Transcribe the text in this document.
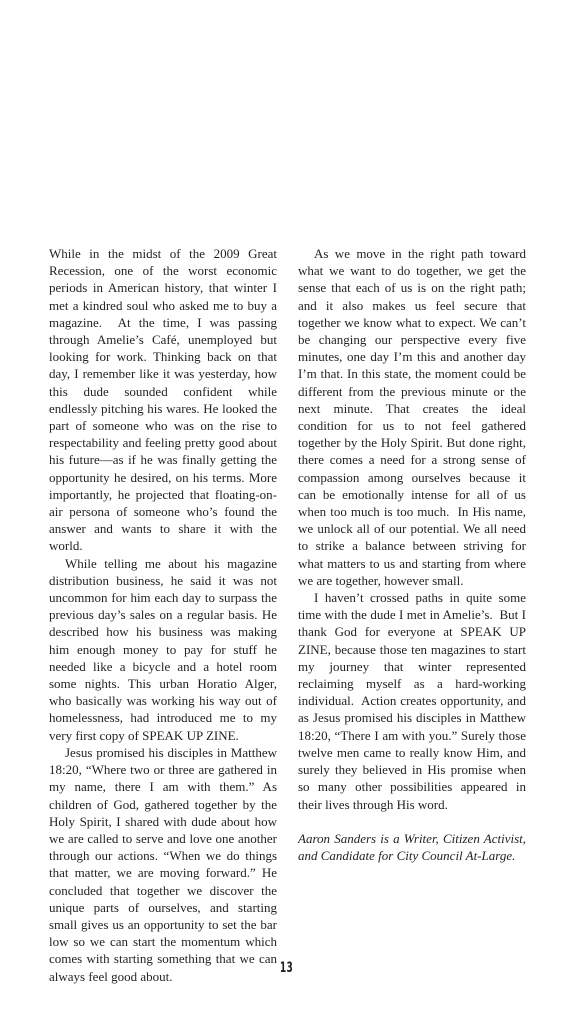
While in the midst of the 2009 Great Recession, one of the worst economic periods in American history, that winter I met a kindred soul who asked me to buy a magazine.  At the time, I was passing through Amelie’s Café, unemployed but looking for work. Thinking back on that day, I remember like it was yesterday, how this dude sounded confident while endlessly pitching his wares. He looked the part of someone who was on the rise to respectability and feeling pretty good about his future—as if he was finally getting the opportunity he desired, on his terms. More importantly, he projected that floating-on-air persona of someone who’s found the answer and wants to share it with the world.

While telling me about his magazine distribution business, he said it was not uncommon for him each day to surpass the previous day’s sales on a regular basis. He described how his business was making him enough money to pay for stuff he needed like a bicycle and a hotel room some nights. This urban Horatio Alger, who basically was working his way out of homelessness, had introduced me to my very first copy of SPEAK UP ZINE.

Jesus promised his disciples in Matthew 18:20, “Where two or three are gathered in my name, there I am with them.” As children of God, gathered together by the Holy Spirit, I shared with dude about how we are called to serve and love one another through our actions. “When we do things that matter, we are moving forward.” He concluded that together we discover the unique parts of ourselves, and starting small gives us an opportunity to set the bar low so we can start the momentum which comes with starting something that we can always feel good about.

As we move in the right path toward what we want to do together, we get the sense that each of us is on the right path; and it also makes us feel secure that together we know what to expect. We can’t be changing our perspective every five minutes, one day I’m this and another day I’m that. In this state, the moment could be different from the previous minute or the next minute. That creates the ideal condition for us to not feel gathered together by the Holy Spirit. But done right, there comes a need for a strong sense of compassion among ourselves because it can be emotionally intense for all of us when too much is too much.  In His name, we unlock all of our potential. We all need to strike a balance between striving for what matters to us and starting from where we are together, however small.

I haven’t crossed paths in quite some time with the dude I met in Amelie’s.  But I thank God for everyone at SPEAK UP ZINE, because those ten magazines to start my journey that winter represented reclaiming myself as a hard-working individual.  Action creates opportunity, and as Jesus promised his disciples in Matthew 18:20, “There I am with you.” Surely those twelve men came to really know Him, and surely they believed in His promise when so many other possibilities appeared in their lives through His word.

Aaron Sanders is a Writer, Citizen Activist, and Candidate for City Council At-Large.

13
